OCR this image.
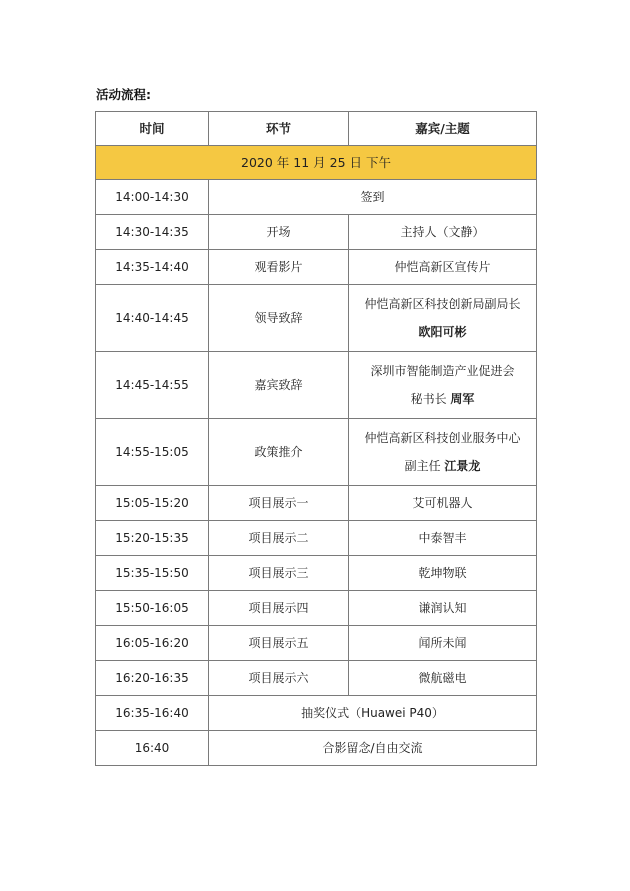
活动流程:
时间	环节	嘉宾/主题
2020 年 11 月 25 日 下午		
14:00-14:30	签到	
14:30-14:35	开场	主持人（文静）
14:35-14:40	观看影片	仲恺高新区宣传片
14:40-14:45	领导致辞	仲恺高新区科技创新局副局长
欧阳可彬

14:45-14:55	嘉宾致辞	深圳市智能制造产业促进会
秘书长 周军

14:55-15:05	政策推介	仲恺高新区科技创业服务中心
副主任 江景龙

15:05-15:20	项目展示一	艾可机器人
15:20-15:35	项目展示二	中泰智丰
15:35-15:50	项目展示三	乾坤物联
15:50-16:05	项目展示四	谦润认知
16:05-16:20	项目展示五	闻所未闻
16:20-16:35	项目展示六	微航磁电
16:35-16:40	抽奖仪式（Huawei P40）	
16:40	合影留念/自由交流	
